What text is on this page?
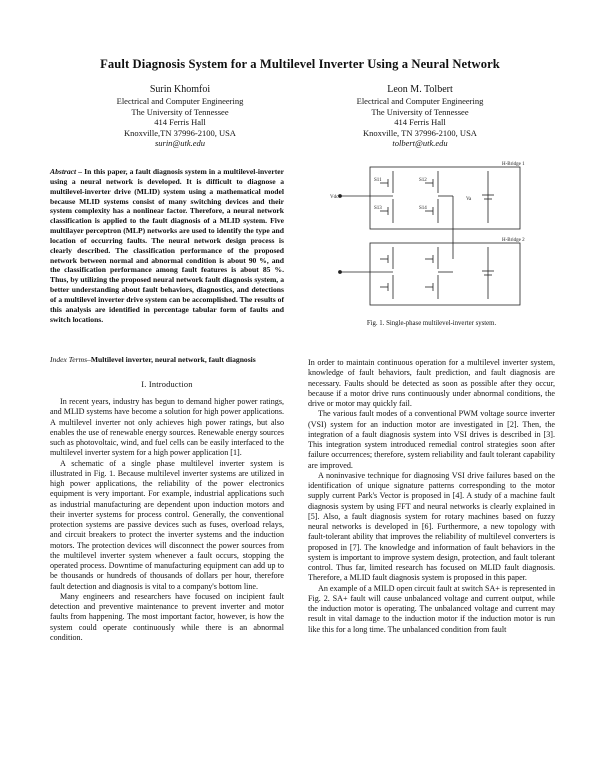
Fault Diagnosis System for a Multilevel Inverter Using a Neural Network
Surin Khomfoi
Electrical and Computer Engineering
The University of Tennessee
414 Ferris Hall
Knoxville,TN 37996-2100, USA
surin@utk.edu
Leon M. Tolbert
Electrical and Computer Engineering
The University of Tennessee
414 Ferris Hall
Knoxville, TN 37996-2100, USA
tolbert@utk.edu
Abstract – In this paper, a fault diagnosis system in a multilevel-inverter using a neural network is developed. It is difficult to diagnose a multilevel-inverter drive (MLID) system using a mathematical model because MLID systems consist of many switching devices and their system complexity has a nonlinear factor. Therefore, a neural network classification is applied to the fault diagnosis of a MLID system. Five multilayer perceptron (MLP) networks are used to identify the type and location of occurring faults. The neural network design process is clearly described. The classification performance of the proposed network between normal and abnormal condition is about 90 %, and the classification performance among fault features is about 85 %. Thus, by utilizing the proposed neural network fault diagnosis system, a better understanding about fault behaviors, diagnostics, and detections of a multilevel inverter drive system can be accomplished. The results of this analysis are identified in percentage tabular form of faults and switch locations.
Index Terms–Multilevel inverter, neural network, fault diagnosis
I. Introduction

In recent years, industry has begun to demand higher power ratings, and MLID systems have become a solution for high power applications. A multilevel inverter not only achieves high power ratings, but also enables the use of renewable energy sources. Renewable energy sources such as photovoltaic, wind, and fuel cells can be easily interfaced to the multilevel inverter system for a high power application [1].

A schematic of a single phase multilevel inverter system is illustrated in Fig. 1. Because multilevel inverter systems are utilized in high power applications, the reliability of the power electronics equipment is very important. For example, industrial applications such as industrial manufacturing are dependent upon induction motors and their inverter systems for process control. Generally, the conventional protection systems are passive devices such as fuses, overload relays, and circuit breakers to protect the inverter systems and the induction motors. The protection devices will disconnect the power sources from the multilevel inverter system whenever a fault occurs, stopping the operated process. Downtime of manufacturing equipment can add up to be thousands or hundreds of thousands of dollars per hour, therefore fault detection and diagnosis is vital to a company's bottom line.

Many engineers and researchers have focused on incipient fault detection and preventive maintenance to prevent inverter and motor faults from happening. The most important factor, however, is how the system could operate continuously while there is an abnormal condition.

H-Bridge 1
S11	S12
S13	S14
Va
Vdc
H-Bridge 2
Fig. 1. Single-phase multilevel-inverter system.

In order to maintain continuous operation for a multilevel inverter system, knowledge of fault behaviors, fault prediction, and fault diagnosis are necessary. Faults should be detected as soon as possible after they occur, because if a motor drive runs continuously under abnormal conditions, the drive or motor may quickly fail.

The various fault modes of a conventional PWM voltage source inverter (VSI) system for an induction motor are investigated in [2]. Then, the integration of a fault diagnosis system into VSI drives is described in [3]. This integration system introduced remedial control strategies soon after failure occurrences; therefore, system reliability and fault tolerant capability are improved.

A noninvasive technique for diagnosing VSI drive failures based on the identification of unique signature patterns corresponding to the motor supply current Park's Vector is proposed in [4]. A study of a machine fault diagnosis system by using FFT and neural networks is clearly explained in [5]. Also, a fault diagnosis system for rotary machines based on fuzzy neural networks is developed in [6]. Furthermore, a new topology with fault-tolerant ability that improves the reliability of multilevel converters is proposed in [7]. The knowledge and information of fault behaviors in the system is important to improve system design, protection, and fault tolerant control. Thus far, limited research has focused on MLID fault diagnosis. Therefore, a MLID fault diagnosis system is proposed in this paper.

An example of a MILD open circuit fault at switch SA+ is represented in Fig. 2. SA+ fault will cause unbalanced voltage and current output, while the induction motor is operating. The unbalanced voltage and current may result in vital damage to the induction motor if the induction motor is run like this for a long time. The unbalanced condition from fault
